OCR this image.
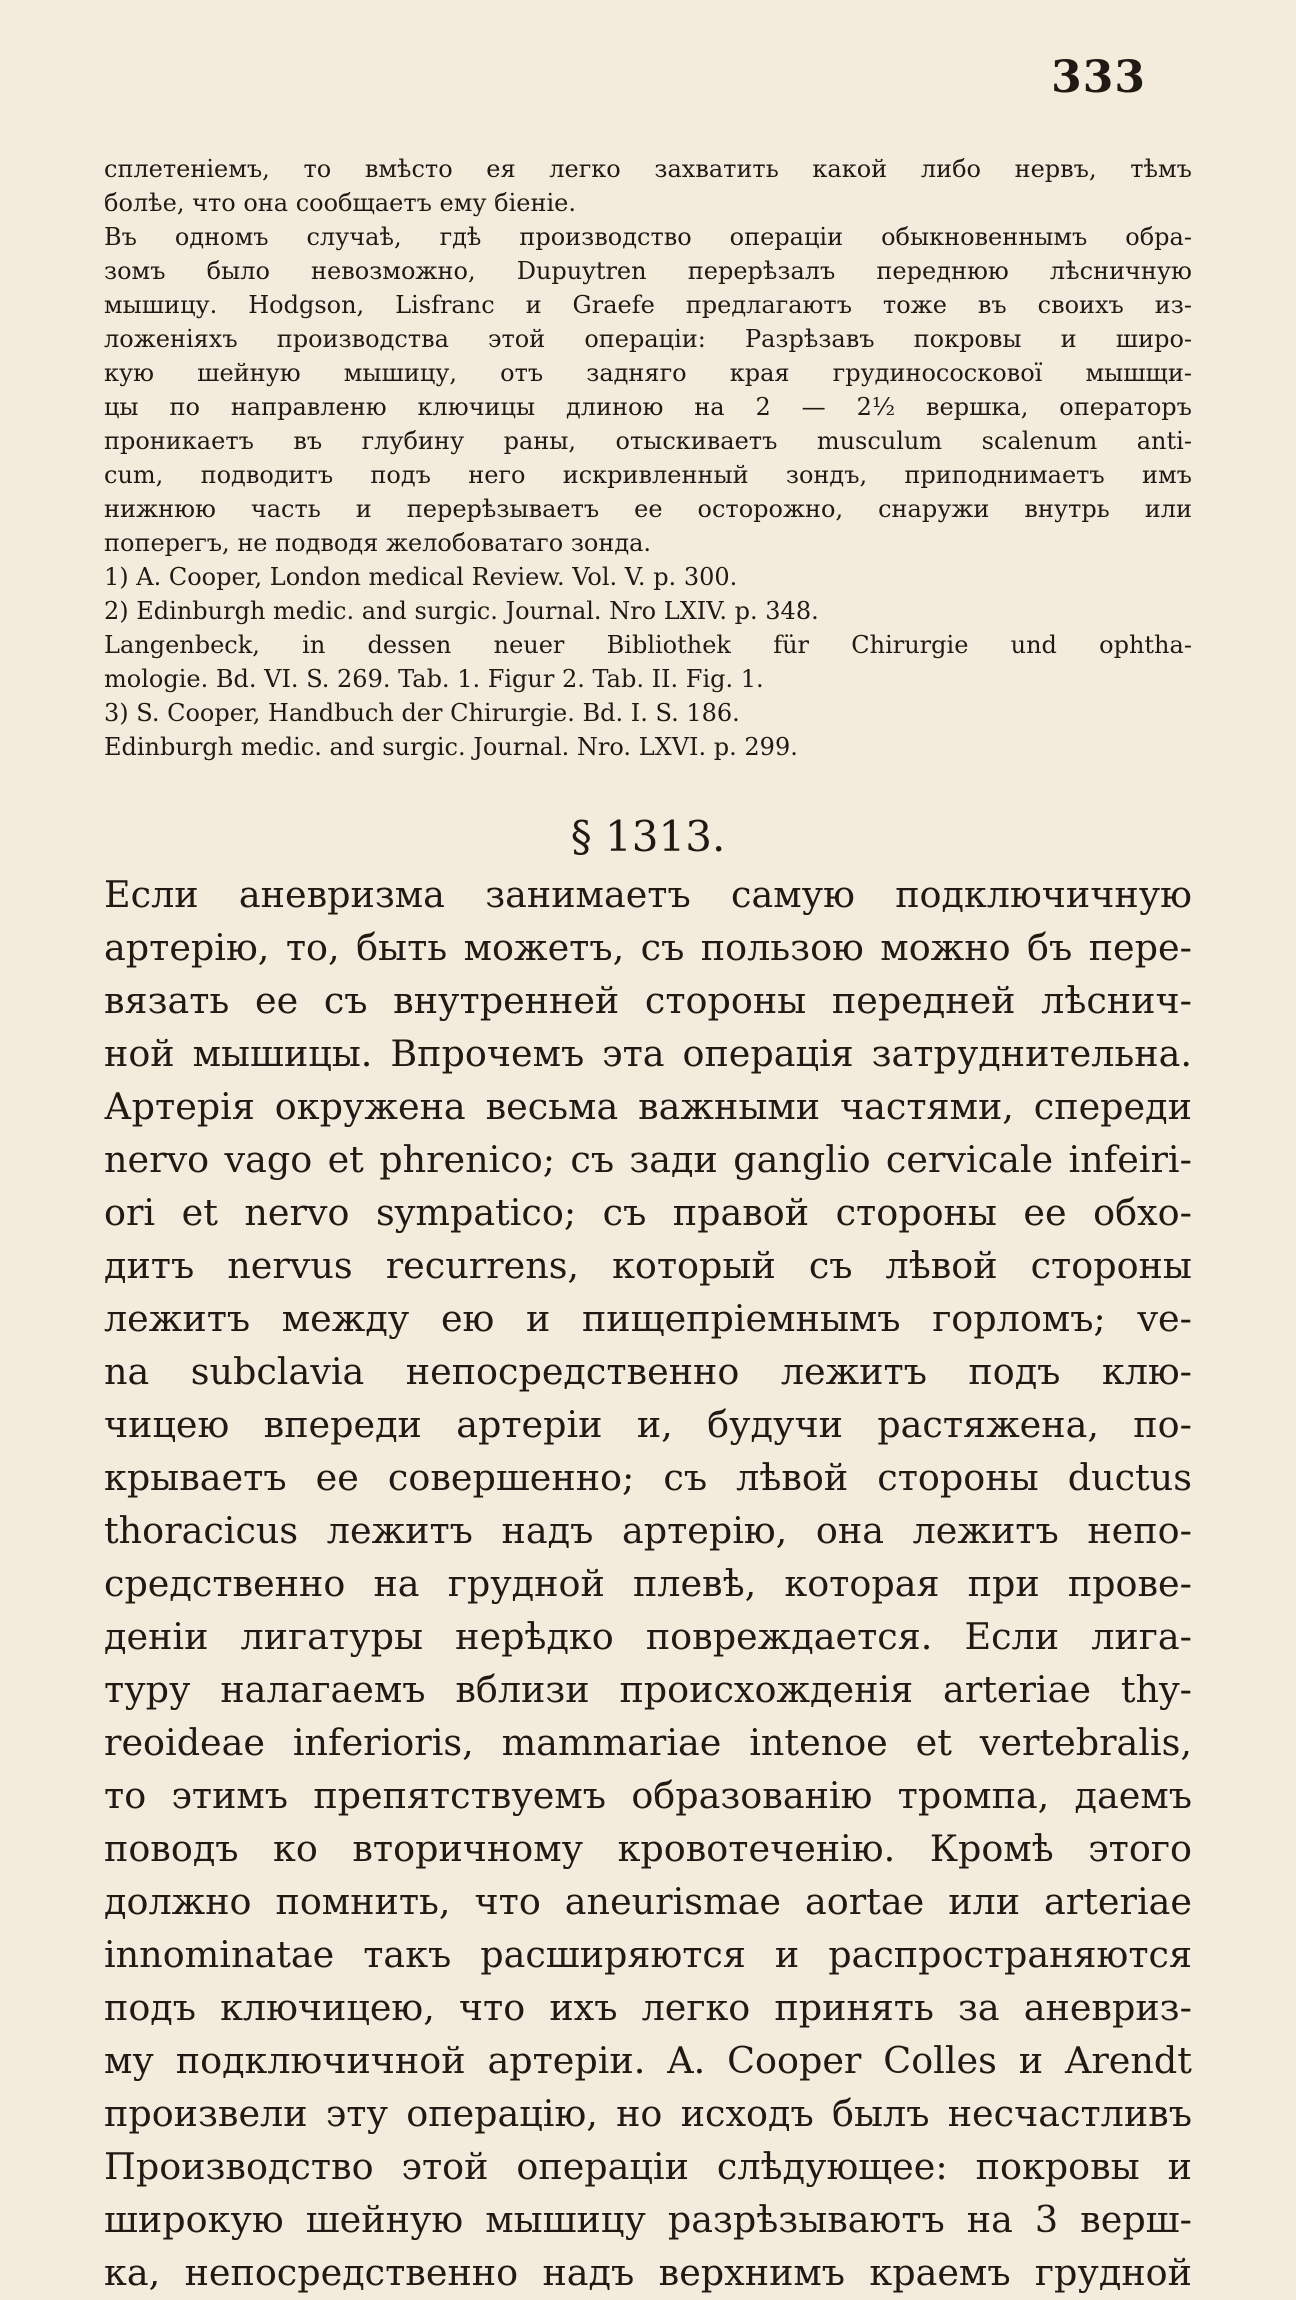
333
сплетеніемъ, то вмѣсто ея легко захватить какой либо нервъ, тѣмъ
болѣе, что она сообщаетъ ему біеніе.
Въ одномъ случаѣ, гдѣ производство операціи обыкновеннымъ обра-
зомъ было невозможно, Dupuytren перерѣзалъ переднюю лѣсничную
мышицу. Hodgson, Lisfranc и Graefe предлагаютъ тоже въ своихъ из-
ложеніяхъ производства этой операціи: Разрѣзавъ покровы и широ-
кую шейную мышицу, отъ задняго края грудинососкової мышщи-
цы по направленю ключицы длиною на 2 — 2½ вершка, операторъ
проникаетъ въ глубину раны, отыскиваетъ musculum scalenum anti-
cum, подводитъ подъ него искривленный зондъ, приподнимаетъ имъ
нижнюю часть и перерѣзываетъ ее осторожно, снаружи внутрь или
поперегъ, не подводя желобоватаго зонда.
1) A. Cooper, London medical Review. Vol. V. p. 300.
2) Edinburgh medic. and surgic. Journal. Nro LXIV. p. 348.
Langenbeck, in dessen neuer Bibliothek für Chirurgie und ophtha-
mologie. Bd. VI. S. 269. Tab. 1. Figur 2. Tab. II. Fig. 1.
3) S. Cooper, Handbuch der Chirurgie. Bd. I. S. 186.
Edinburgh medic. and surgic. Journal. Nro. LXVI. p. 299.
§ 1313.
Если аневризма занимаетъ самую подключичную
артерію, то, быть можетъ, съ пользою можно бъ пере-
вязать ее съ внутренней стороны передней лѣснич-
ной мышицы. Впрочемъ эта операція затруднительна.
Артерія окружена весьма важными частями, спереди
nervo vago et phrenico; съ зади ganglio cervicale infeiri-
ori et nervo sympatico; съ правой стороны ее обхо-
дитъ nervus recurrens, который съ лѣвой стороны
лежитъ между ею и пищепріемнымъ горломъ; ve-
na subclavia непосредственно лежитъ подъ клю-
чицею впереди артеріи и, будучи растяжена, по-
крываетъ ее совершенно; съ лѣвой стороны ductus
thoracicus лежитъ надъ артерію, она лежитъ непо-
средственно на грудной плевѣ, которая при прове-
деніи лигатуры нерѣдко повреждается. Если лига-
туру налагаемъ вблизи происхожденія arteriae thy-
reoideae inferioris, mammariae intenoe et vertebralis,
то этимъ препятствуемъ образованію тромпа, даемъ
поводъ ко вторичному кровотеченію. Кромѣ этого
должно помнить, что aneurismae aortae или arteriae
innominatae такъ расширяются и распространяются
подъ ключицею, что ихъ легко принять за аневриз-
му подключичной артеріи. A. Cooper Colles и Arendt
произвели эту операцію, но исходъ былъ несчастливъ
Производство этой операціи слѣдующее: покровы и
широкую шейную мышицу разрѣзываютъ на 3 верш-
ка, непосредственно надъ верхнимъ краемъ грудной
